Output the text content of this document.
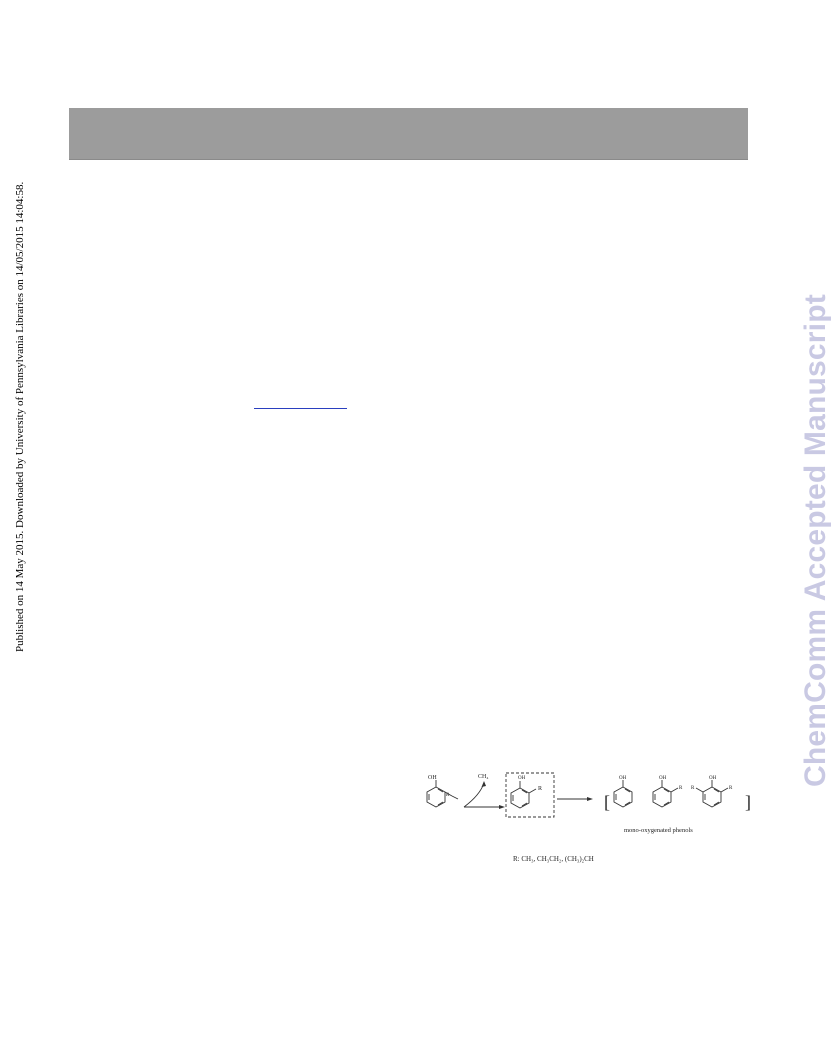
Published on 14 May 2015. Downloaded by University of Pennsylvania Libraries on 14/05/2015 14:04:58.	ChemComm Accepted Manuscript
OH
R
CH₄	OH
R
[	]
OH	OH
R
OH
R	R
mono-oxygenated phenols
R: CH₃, CH₃CH₂, (CH₃)₂CH
